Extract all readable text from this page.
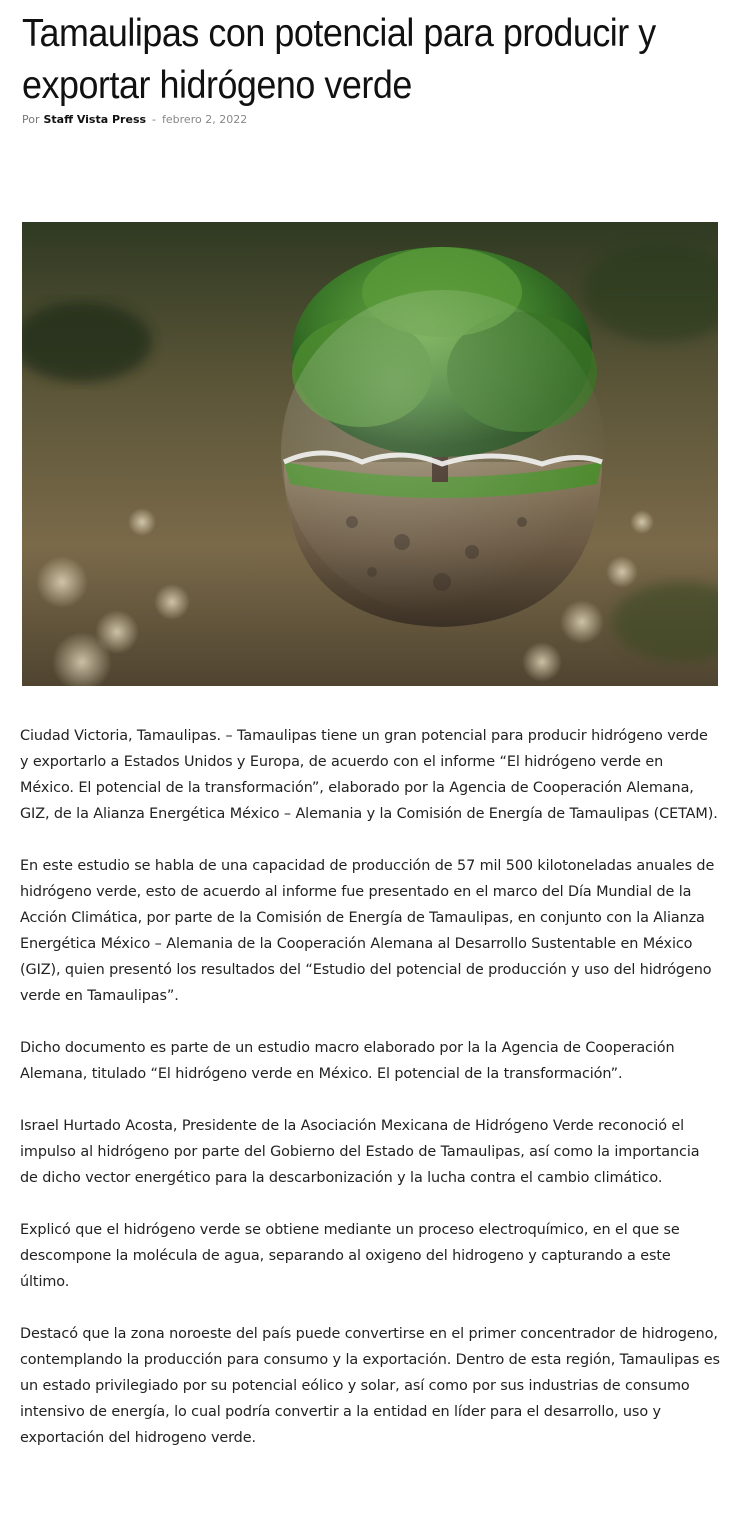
Tamaulipas con potencial para producir y exportar hidrógeno verde
Por Staff Vista Press - febrero 2, 2022

Ciudad Victoria, Tamaulipas. – Tamaulipas tiene un gran potencial para producir hidrógeno verde y exportarlo a Estados Unidos y Europa, de acuerdo con el informe “El hidrógeno verde en México. El potencial de la transformación”, elaborado por la Agencia de Cooperación Alemana, GIZ, de la Alianza Energética México – Alemania y la Comisión de Energía de Tamaulipas (CETAM).

En este estudio se habla de una capacidad de producción de 57 mil 500 kilotoneladas anuales de hidrógeno verde, esto de acuerdo al informe fue presentado en el marco del Día Mundial de la Acción Climática, por parte de la Comisión de Energía de Tamaulipas, en conjunto con la Alianza Energética México – Alemania de la Cooperación Alemana al Desarrollo Sustentable en México (GIZ), quien presentó los resultados del “Estudio del potencial de producción y uso del hidrógeno verde en Tamaulipas”.

Dicho documento es parte de un estudio macro elaborado por la la Agencia de Cooperación Alemana, titulado “El hidrógeno verde en México. El potencial de la transformación”.

Israel Hurtado Acosta, Presidente de la Asociación Mexicana de Hidrógeno Verde reconoció el impulso al hidrógeno por parte del Gobierno del Estado de Tamaulipas, así como la importancia de dicho vector energético para la descarbonización y la lucha contra el cambio climático.

Explicó que el hidrógeno verde se obtiene mediante un proceso electroquímico, en el que se descompone la molécula de agua, separando al oxigeno del hidrogeno y capturando a este último.

Destacó que la zona noroeste del país puede convertirse en el primer concentrador de hidrogeno, contemplando la producción para consumo y la exportación. Dentro de esta región, Tamaulipas es un estado privilegiado por su potencial eólico y solar, así como por sus industrias de consumo intensivo de energía, lo cual podría convertir a la entidad en líder para el desarrollo, uso y exportación del hidrogeno verde.
